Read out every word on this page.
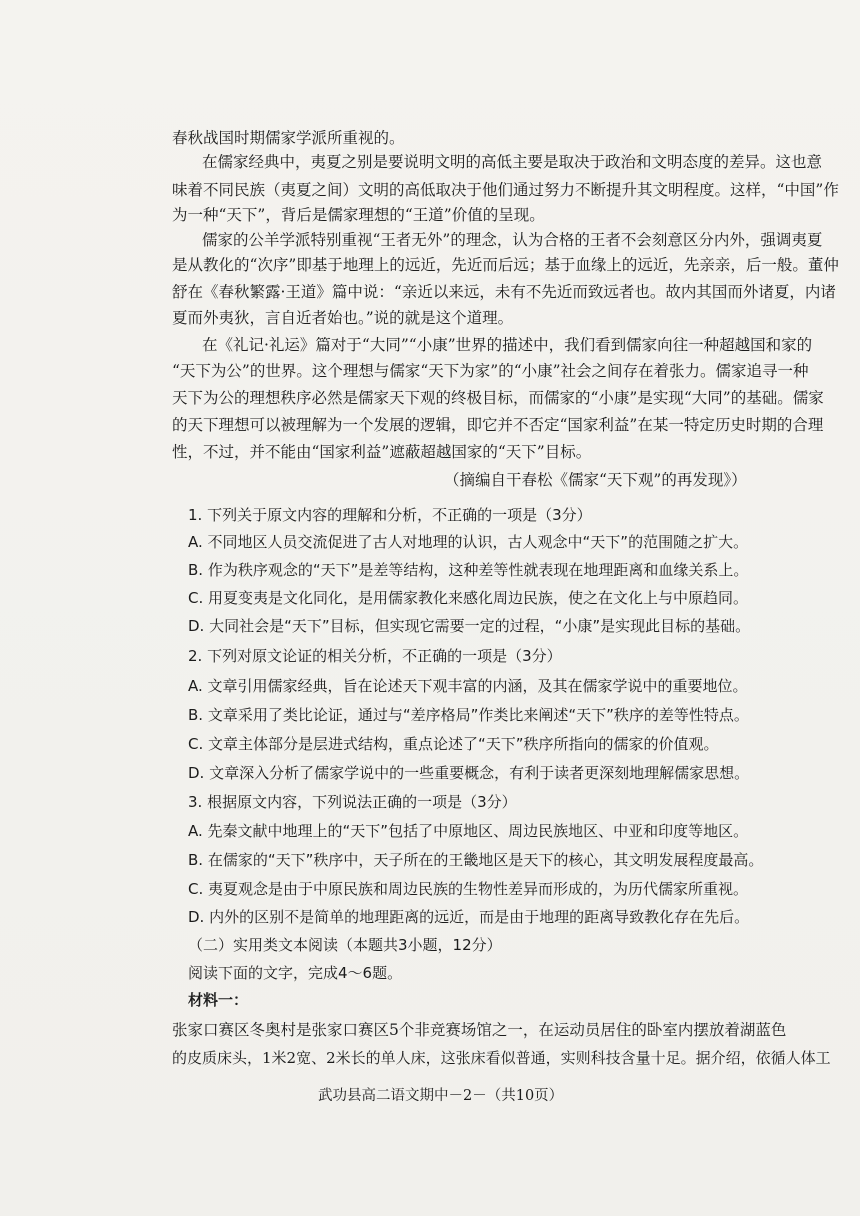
春秋战国时期儒家学派所重视的。
在儒家经典中，夷夏之别是要说明文明的高低主要是取决于政治和文明态度的差异。这也意
味着不同民族（夷夏之间）文明的高低取决于他们通过努力不断提升其文明程度。这样，“中国”作
为一种“天下”，背后是儒家理想的“王道”价值的呈现。
儒家的公羊学派特别重视“王者无外”的理念，认为合格的王者不会刻意区分内外，强调夷夏
是从教化的“次序”即基于地理上的远近，先近而后远；基于血缘上的远近，先亲亲，后一般。董仲
舒在《春秋繁露·王道》篇中说：“亲近以来远，未有不先近而致远者也。故内其国而外诸夏，内诸
夏而外夷狄，言自近者始也。”说的就是这个道理。
在《礼记·礼运》篇对于“大同”“小康”世界的描述中，我们看到儒家向往一种超越国和家的
“天下为公”的世界。这个理想与儒家“天下为家”的“小康”社会之间存在着张力。儒家追寻一种
天下为公的理想秩序必然是儒家天下观的终极目标，而儒家的“小康”是实现“大同”的基础。儒家
的天下理想可以被理解为一个发展的逻辑，即它并不否定“国家利益”在某一特定历史时期的合理
性，不过，并不能由“国家利益”遮蔽超越国家的“天下”目标。
（摘编自干春松《儒家“天下观”的再发现》）
1. 下列关于原文内容的理解和分析，不正确的一项是（3分）
A. 不同地区人员交流促进了古人对地理的认识，古人观念中“天下”的范围随之扩大。
B. 作为秩序观念的“天下”是差等结构，这种差等性就表现在地理距离和血缘关系上。
C. 用夏变夷是文化同化，是用儒家教化来感化周边民族，使之在文化上与中原趋同。
D. 大同社会是“天下”目标，但实现它需要一定的过程，“小康”是实现此目标的基础。
2. 下列对原文论证的相关分析，不正确的一项是（3分）
A. 文章引用儒家经典，旨在论述天下观丰富的内涵，及其在儒家学说中的重要地位。
B. 文章采用了类比论证，通过与“差序格局”作类比来阐述“天下”秩序的差等性特点。
C. 文章主体部分是层进式结构，重点论述了“天下”秩序所指向的儒家的价值观。
D. 文章深入分析了儒家学说中的一些重要概念，有利于读者更深刻地理解儒家思想。
3. 根据原文内容，下列说法正确的一项是（3分）
A. 先秦文献中地理上的“天下”包括了中原地区、周边民族地区、中亚和印度等地区。
B. 在儒家的“天下”秩序中，天子所在的王畿地区是天下的核心，其文明发展程度最高。
C. 夷夏观念是由于中原民族和周边民族的生物性差异而形成的，为历代儒家所重视。
D. 内外的区别不是简单的地理距离的远近，而是由于地理的距离导致教化存在先后。
（二）实用类文本阅读（本题共3小题，12分）
阅读下面的文字，完成4～6题。
材料一：
张家口赛区冬奥村是张家口赛区5个非竞赛场馆之一，在运动员居住的卧室内摆放着湖蓝色
的皮质床头，1米2宽、2米长的单人床，这张床看似普通，实则科技含量十足。据介绍，依循人体工
武功县高二语文期中－2－（共10页）
